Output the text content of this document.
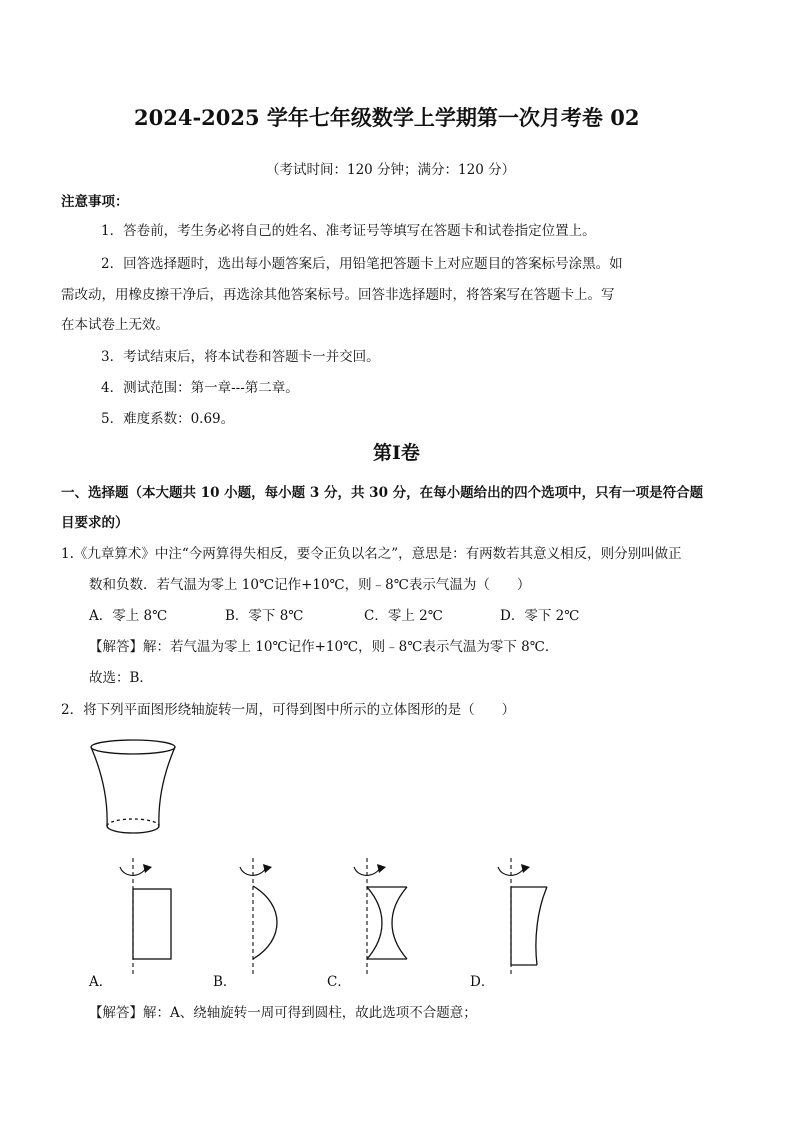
2024-2025 学年七年级数学上学期第一次月考卷 02
（考试时间：120 分钟；满分：120 分）
注意事项：
1．答卷前，考生务必将自己的姓名、准考证号等填写在答题卡和试卷指定位置上。
2．回答选择题时，选出每小题答案后，用铅笔把答题卡上对应题目的答案标号涂黑。如
需改动，用橡皮擦干净后，再选涂其他答案标号。回答非选择题时，将答案写在答题卡上。写
在本试卷上无效。
3．考试结束后，将本试卷和答题卡一并交回。
4．测试范围：第一章---第二章。
5．难度系数：0.69。
第Ⅰ卷
一、选择题（本大题共 10 小题，每小题 3 分，共 30 分，在每小题给出的四个选项中，只有一项是符合题
目要求的）
1.《九章算术》中注“今两算得失相反，要令正负以名之”，意思是：有两数若其意义相反，则分别叫做正
数和负数．若气温为零上 10℃记作+10℃，则﹣8℃表示气温为（　　）
A．零上 8℃	B．零下 8℃	C．零上 2℃	D．零下 2℃
【解答】解：若气温为零上 10℃记作+10℃，则﹣8℃表示气温为零下 8℃．
故选：B．
2．将下列平面图形绕轴旋转一周，可得到图中所示的立体图形的是（　　）
A．	B．	C．	D．
【解答】解：A、绕轴旋转一周可得到圆柱，故此选项不合题意；
